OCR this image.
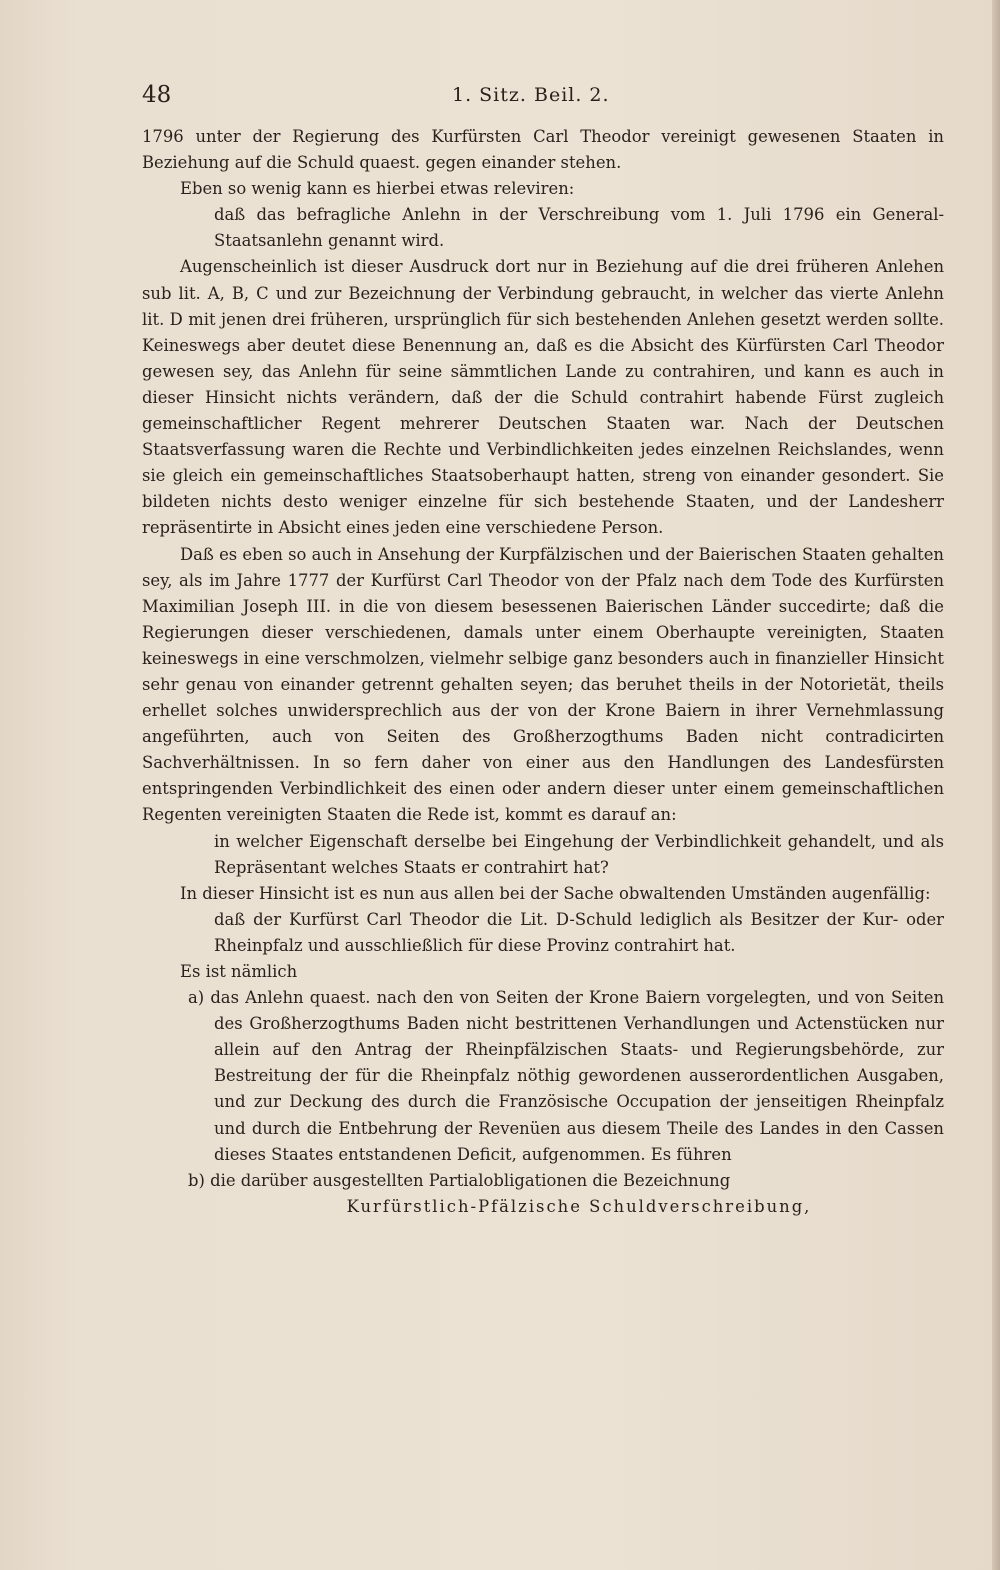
48	1. Sitz. Beil. 2.

1796 unter der Regierung des Kurfürsten Carl Theodor vereinigt gewesenen Staaten in Beziehung auf die Schuld quaest. gegen einander stehen.

Eben so wenig kann es hierbei etwas releviren:

daß das befragliche Anlehn in der Verschreibung vom 1. Juli 1796 ein General-Staatsanlehn genannt wird.

Augenscheinlich ist dieser Ausdruck dort nur in Beziehung auf die drei früheren Anlehen sub lit. A, B, C und zur Bezeichnung der Verbindung gebraucht, in welcher das vierte Anlehn lit. D mit jenen drei früheren, ursprünglich für sich bestehenden Anlehen gesetzt werden sollte. Keineswegs aber deutet diese Benennung an, daß es die Absicht des Kürfürsten Carl Theodor gewesen sey, das Anlehn für seine sämmtlichen Lande zu contrahiren, und kann es auch in dieser Hinsicht nichts verändern, daß der die Schuld contrahirt habende Fürst zugleich gemeinschaftlicher Regent mehrerer Deutschen Staaten war. Nach der Deutschen Staatsverfassung waren die Rechte und Verbindlichkeiten jedes einzelnen Reichslandes, wenn sie gleich ein gemeinschaftliches Staatsoberhaupt hatten, streng von einander gesondert. Sie bildeten nichts desto weniger einzelne für sich bestehende Staaten, und der Landesherr repräsentirte in Absicht eines jeden eine verschiedene Person.

Daß es eben so auch in Ansehung der Kurpfälzischen und der Baierischen Staaten gehalten sey, als im Jahre 1777 der Kurfürst Carl Theodor von der Pfalz nach dem Tode des Kurfürsten Maximilian Joseph III. in die von diesem besessenen Baierischen Länder succedirte; daß die Regierungen dieser verschiedenen, damals unter einem Oberhaupte vereinigten, Staaten keineswegs in eine verschmolzen, vielmehr selbige ganz besonders auch in finanzieller Hinsicht sehr genau von einander getrennt gehalten seyen; das beruhet theils in der Notorietät, theils erhellet solches unwidersprechlich aus der von der Krone Baiern in ihrer Vernehmlassung angeführten, auch von Seiten des Großherzogthums Baden nicht contradicirten Sachverhältnissen. In so fern daher von einer aus den Handlungen des Landesfürsten entspringenden Verbindlichkeit des einen oder andern dieser unter einem gemeinschaftlichen Regenten vereinigten Staaten die Rede ist, kommt es darauf an:

in welcher Eigenschaft derselbe bei Eingehung der Verbindlichkeit gehandelt, und als Repräsentant welches Staats er contrahirt hat?

In dieser Hinsicht ist es nun aus allen bei der Sache obwaltenden Umständen augenfällig:

daß der Kurfürst Carl Theodor die Lit. D-Schuld lediglich als Besitzer der Kur- oder Rheinpfalz und ausschließlich für diese Provinz contrahirt hat.

Es ist nämlich

a) das Anlehn quaest. nach den von Seiten der Krone Baiern vorgelegten, und von Seiten des Großherzogthums Baden nicht bestrittenen Verhandlungen und Actenstücken nur allein auf den Antrag der Rheinpfälzischen Staats- und Regierungsbehörde, zur Bestreitung der für die Rheinpfalz nöthig gewordenen ausserordentlichen Ausgaben, und zur Deckung des durch die Französische Occupation der jenseitigen Rheinpfalz und durch die Entbehrung der Revenüen aus diesem Theile des Landes in den Cassen dieses Staates entstandenen Deficit, aufgenommen. Es führen

b) die darüber ausgestellten Partialobligationen die Bezeichnung

Kurfürstlich-Pfälzische Schuldverschreibung,
